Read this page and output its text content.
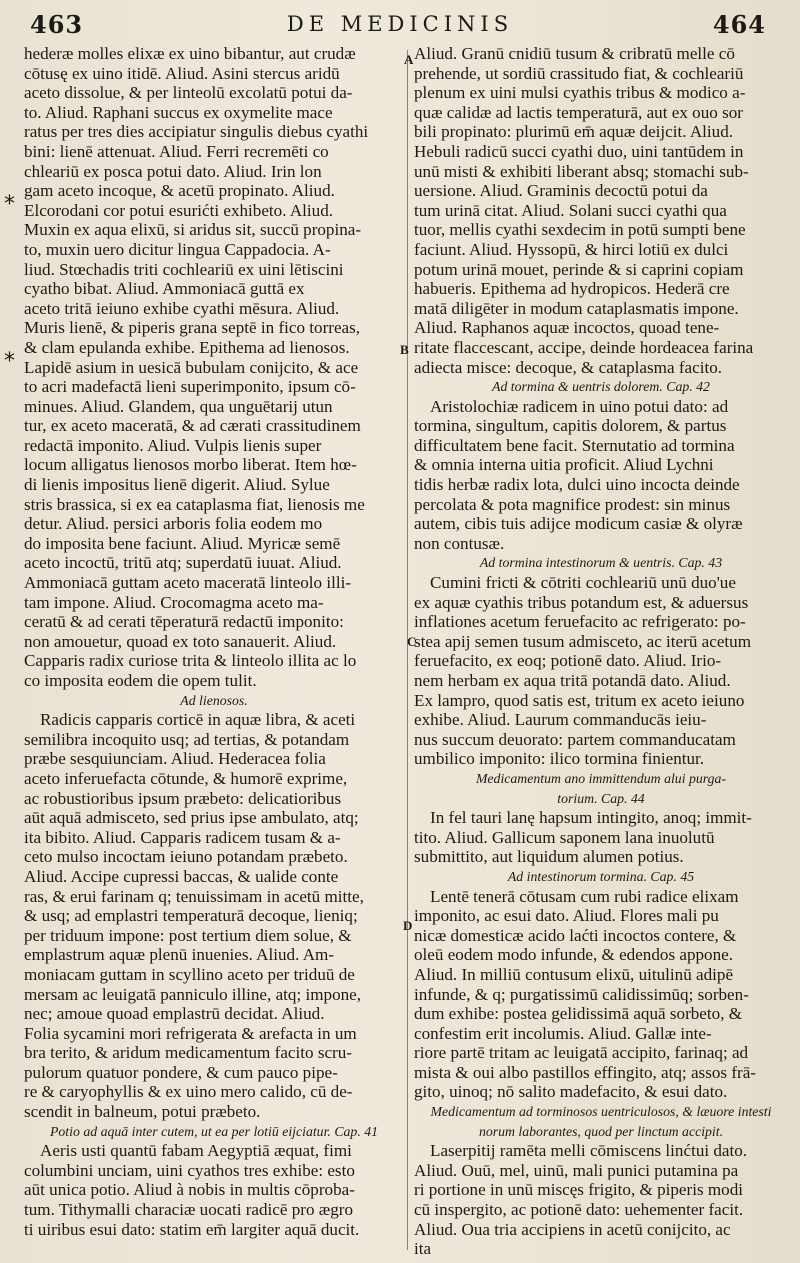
463	DE MEDICINIS	464
A
B
C
D
*
*
hederæ molles elixæ ex uino bibantur, aut crudæ
cōtusę ex uino itidē. Aliud. Asini stercus aridū
aceto dissolue, & per linteolū excolatū potui da-
to. Aliud. Raphani succus ex oxymelite mace
ratus per tres dies accipiatur singulis diebus cyathi
bini: lienē attenuat. Aliud. Ferri recremēti co
chleariū ex posca potui dato. Aliud. Irin lon
gam aceto incoque, & acetū propinato. Aliud.
Elcorodani cor potui esurićti exhibeto. Aliud.
Muxin ex aqua elixū, si aridus sit, succū propina-
to, muxin uero dicitur lingua Cappadocia. A-
liud. Stœchadis triti cochleariū ex uini lētiscini
cyatho bibat. Aliud. Ammoniacā guttā ex
aceto tritā ieiuno exhibe cyathi mēsura. Aliud.
Muris lienē, & piperis grana septē in fico torreas,
& clam epulanda exhibe. Epithema ad lienosos.
Lapidē asium in uesicā bubulam conijcito, & ace
to acri madefactā lieni superimponito, ipsum cō-
minues. Aliud. Glandem, qua unguētarij utun
tur, ex aceto maceratā, & ad cærati crassitudinem
redactā imponito. Aliud. Vulpis lienis super
locum alligatus lienosos morbo liberat. Item hœ-
di lienis impositus lienē digerit. Aliud. Sylue
stris brassica, si ex ea cataplasma fiat, lienosis me
detur. Aliud. persici arboris folia eodem mo
do imposita bene faciunt. Aliud. Myricæ semē
aceto incoctū, tritū atq; superdatū iuuat. Aliud.
Ammoniacā guttam aceto maceratā linteolo illi-
tam impone. Aliud. Crocomagma aceto ma-
ceratū & ad cerati tēperaturā redactū imponito:
non amouetur, quoad ex toto sanauerit. Aliud.
Capparis radix curiose trita & linteolo illita ac lo
co imposita eodem die opem tulit.
Ad lienosos.
Radicis capparis corticē in aquæ libra, & aceti
semilibra incoquito usq; ad tertias, & potandam
præbe sesquiunciam. Aliud. Hederacea folia
aceto inferuefacta cōtunde, & humorē exprime,
ac robustioribus ipsum præbeto: delicatioribus
aūt aquā admisceto, sed prius ipse ambulato, atq;
ita bibito. Aliud. Capparis radicem tusam & a-
ceto mulso incoctam ieiuno potandam præbeto.
Aliud. Accipe cupressi baccas, & ualide conte
ras, & erui farinam q; tenuissimam in acetū mitte,
& usq; ad emplastri temperaturā decoque, lieniq;
per triduum impone: post tertium diem solue, &
emplastrum aquæ plenū inuenies. Aliud. Am-
moniacam guttam in scyllino aceto per triduū de
mersam ac leuigatā panniculo illine, atq; impone,
nec; amoue quoad emplastrū decidat. Aliud.
Folia sycamini mori refrigerata & arefacta in um
bra terito, & aridum medicamentum facito scru-
pulorum quatuor pondere, & cum pauco pipe-
re & caryophyllis & ex uino mero calido, cū de-
scendit in balneum, potui præbeto.
Potio ad aquā inter cutem, ut ea per lotiū eijciatur. Cap. 41
Aeris usti quantū fabam Aegyptiā æquat, fimi
columbini unciam, uini cyathos tres exhibe: esto
aūt unica potio. Aliud à nobis in multis cōproba-
tum. Tithymalli characiæ uocati radicē pro ægro
ti uiribus esui dato: statim em̄ largiter aquā ducit.
Aliud. Granū cnidiū tusum & cribratū melle cō
prehende, ut sordiū crassitudo fiat, & cochleariū
plenum ex uini mulsi cyathis tribus & modico a-
quæ calidæ ad lactis temperaturā, aut ex ouo sor
bili propinato: plurimū em̄ aquæ deijcit. Aliud.
Hebuli radicū succi cyathi duo, uini tantūdem in
unū misti & exhibiti liberant absq; stomachi sub-
uersione. Aliud. Graminis decoctū potui da
tum urinā citat. Aliud. Solani succi cyathi qua
tuor, mellis cyathi sexdecim in potū sumpti bene
faciunt. Aliud. Hyssopū, & hirci lotiū ex dulci
potum urinā mouet, perinde & si caprini copiam
habueris. Epithema ad hydropicos. Hederā cre
matā diligēter in modum cataplasmatis impone.
Aliud. Raphanos aquæ incoctos, quoad tene-
ritate flaccescant, accipe, deinde hordeacea farina
adiecta misce: decoque, & cataplasma facito.
Ad tormina & uentris dolorem. Cap. 42
Aristolochiæ radicem in uino potui dato: ad
tormina, singultum, capitis dolorem, & partus
difficultatem bene facit. Sternutatio ad tormina
& omnia interna uitia proficit. Aliud Lychni
tidis herbæ radix lota, dulci uino incocta deinde
percolata & pota magnifice prodest: sin minus
autem, cibis tuis adijce modicum casiæ & olyræ
non contusæ.
Ad tormina intestinorum & uentris. Cap. 43
Cumini fricti & cōtriti cochleariū unū duo'ue
ex aquæ cyathis tribus potandum est, & aduersus
inflationes acetum feruefacito ac refrigerato: po-
stea apij semen tusum admisceto, ac iterū acetum
feruefacito, ex eoq; potionē dato. Aliud. Irio-
nem herbam ex aqua tritā potandā dato. Aliud.
Ex lampro, quod satis est, tritum ex aceto ieiuno
exhibe. Aliud. Laurum commanducās ieiu-
nus succum deuorato: partem commanducatam
umbilico imponito: ilico tormina finientur.
Medicamentum ano immittendum alui purga-
torium. Cap. 44
In fel tauri lanę hapsum intingito, anoq; immit-
tito. Aliud. Gallicum saponem lana inuolutū
submittito, aut liquidum alumen potius.
Ad intestinorum tormina. Cap. 45
Lentē tenerā cōtusam cum rubi radice elixam
imponito, ac esui dato. Aliud. Flores mali pu
nicæ domesticæ acido laćti incoctos contere, &
oleū eodem modo infunde, & edendos appone.
Aliud. In milliū contusum elixū, uitulinū adipē
infunde, & q; purgatissimū calidissimūq; sorben-
dum exhibe: postea gelidissimā aquā sorbeto, &
confestim erit incolumis. Aliud. Gallæ inte-
riore partē tritam ac leuigatā accipito, farinaq; ad
mista & oui albo pastillos effingito, atq; assos frā-
gito, uinoq; nō salito madefacito, & esui dato.
Medicamentum ad torminosos uentriculosos, & læuore intesti
norum laborantes, quod per linctum accipit.
Laserpitij ramēta melli cōmiscens linćtui dato.
Aliud. Ouū, mel, uinū, mali punici putamina pa
ri portione in unū miscęs frigito, & piperis modi
cū inspergito, ac potionē dato: uehementer facit.
Aliud. Oua tria accipiens in acetū conijcito, ac
ita
